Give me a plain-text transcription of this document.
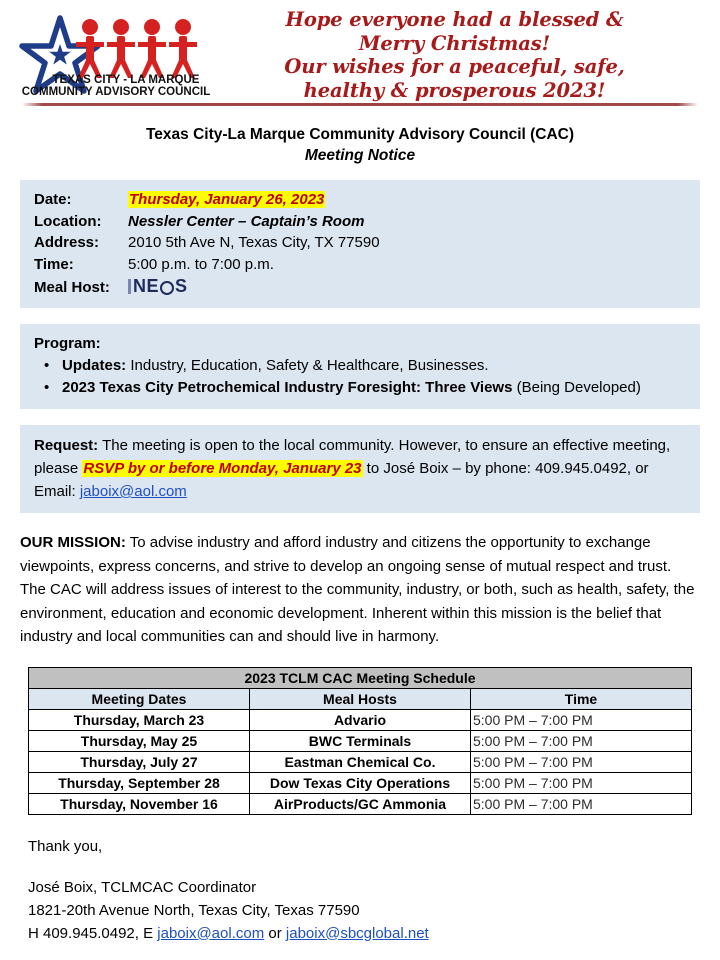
TEXAS CITY - LA MARQUE
COMMUNITY ADVISORY COUNCIL
Hope everyone had a blessed &
Merry Christmas!
Our wishes for a peaceful, safe,
healthy & prosperous 2023!
Texas City-La Marque Community Advisory Council (CAC)
Meeting Notice
Date:	Thursday, January 26, 2023
Location:	Nessler Center – Captain’s Room
Address:	2010 5th Ave N, Texas City, TX 77590
Time:	5:00 p.m. to 7:00 p.m.
Meal Host:	N E S
Program:
• Updates: Industry, Education, Safety & Healthcare, Businesses.
• 2023 Texas City Petrochemical Industry Foresight: Three Views (Being Developed)
Request: The meeting is open to the local community. However, to ensure an effective meeting, please RSVP by or before Monday, January 23 to José Boix – by phone: 409.945.0492, or Email: jaboix@aol.com
OUR MISSION: To advise industry and afford industry and citizens the opportunity to exchange viewpoints, express concerns, and strive to develop an ongoing sense of mutual respect and trust. The CAC will address issues of interest to the community, industry, or both, such as health, safety, the environment, education and economic development. Inherent within this mission is the belief that industry and local communities can and should live in harmony.
2023 TCLM CAC Meeting Schedule		
Meeting Dates	Meal Hosts	Time
Thursday, March 23	Advario	5:00 PM – 7:00 PM
Thursday, May 25	BWC Terminals	5:00 PM – 7:00 PM
Thursday, July 27	Eastman Chemical Co.	5:00 PM – 7:00 PM
Thursday, September 28	Dow Texas City Operations	5:00 PM – 7:00 PM
Thursday, November 16	AirProducts/GC Ammonia	5:00 PM – 7:00 PM
Thank you,
José Boix, TCLMCAC Coordinator
1821-20th Avenue North, Texas City, Texas 77590
H 409.945.0492, E jaboix@aol.com or jaboix@sbcglobal.net
